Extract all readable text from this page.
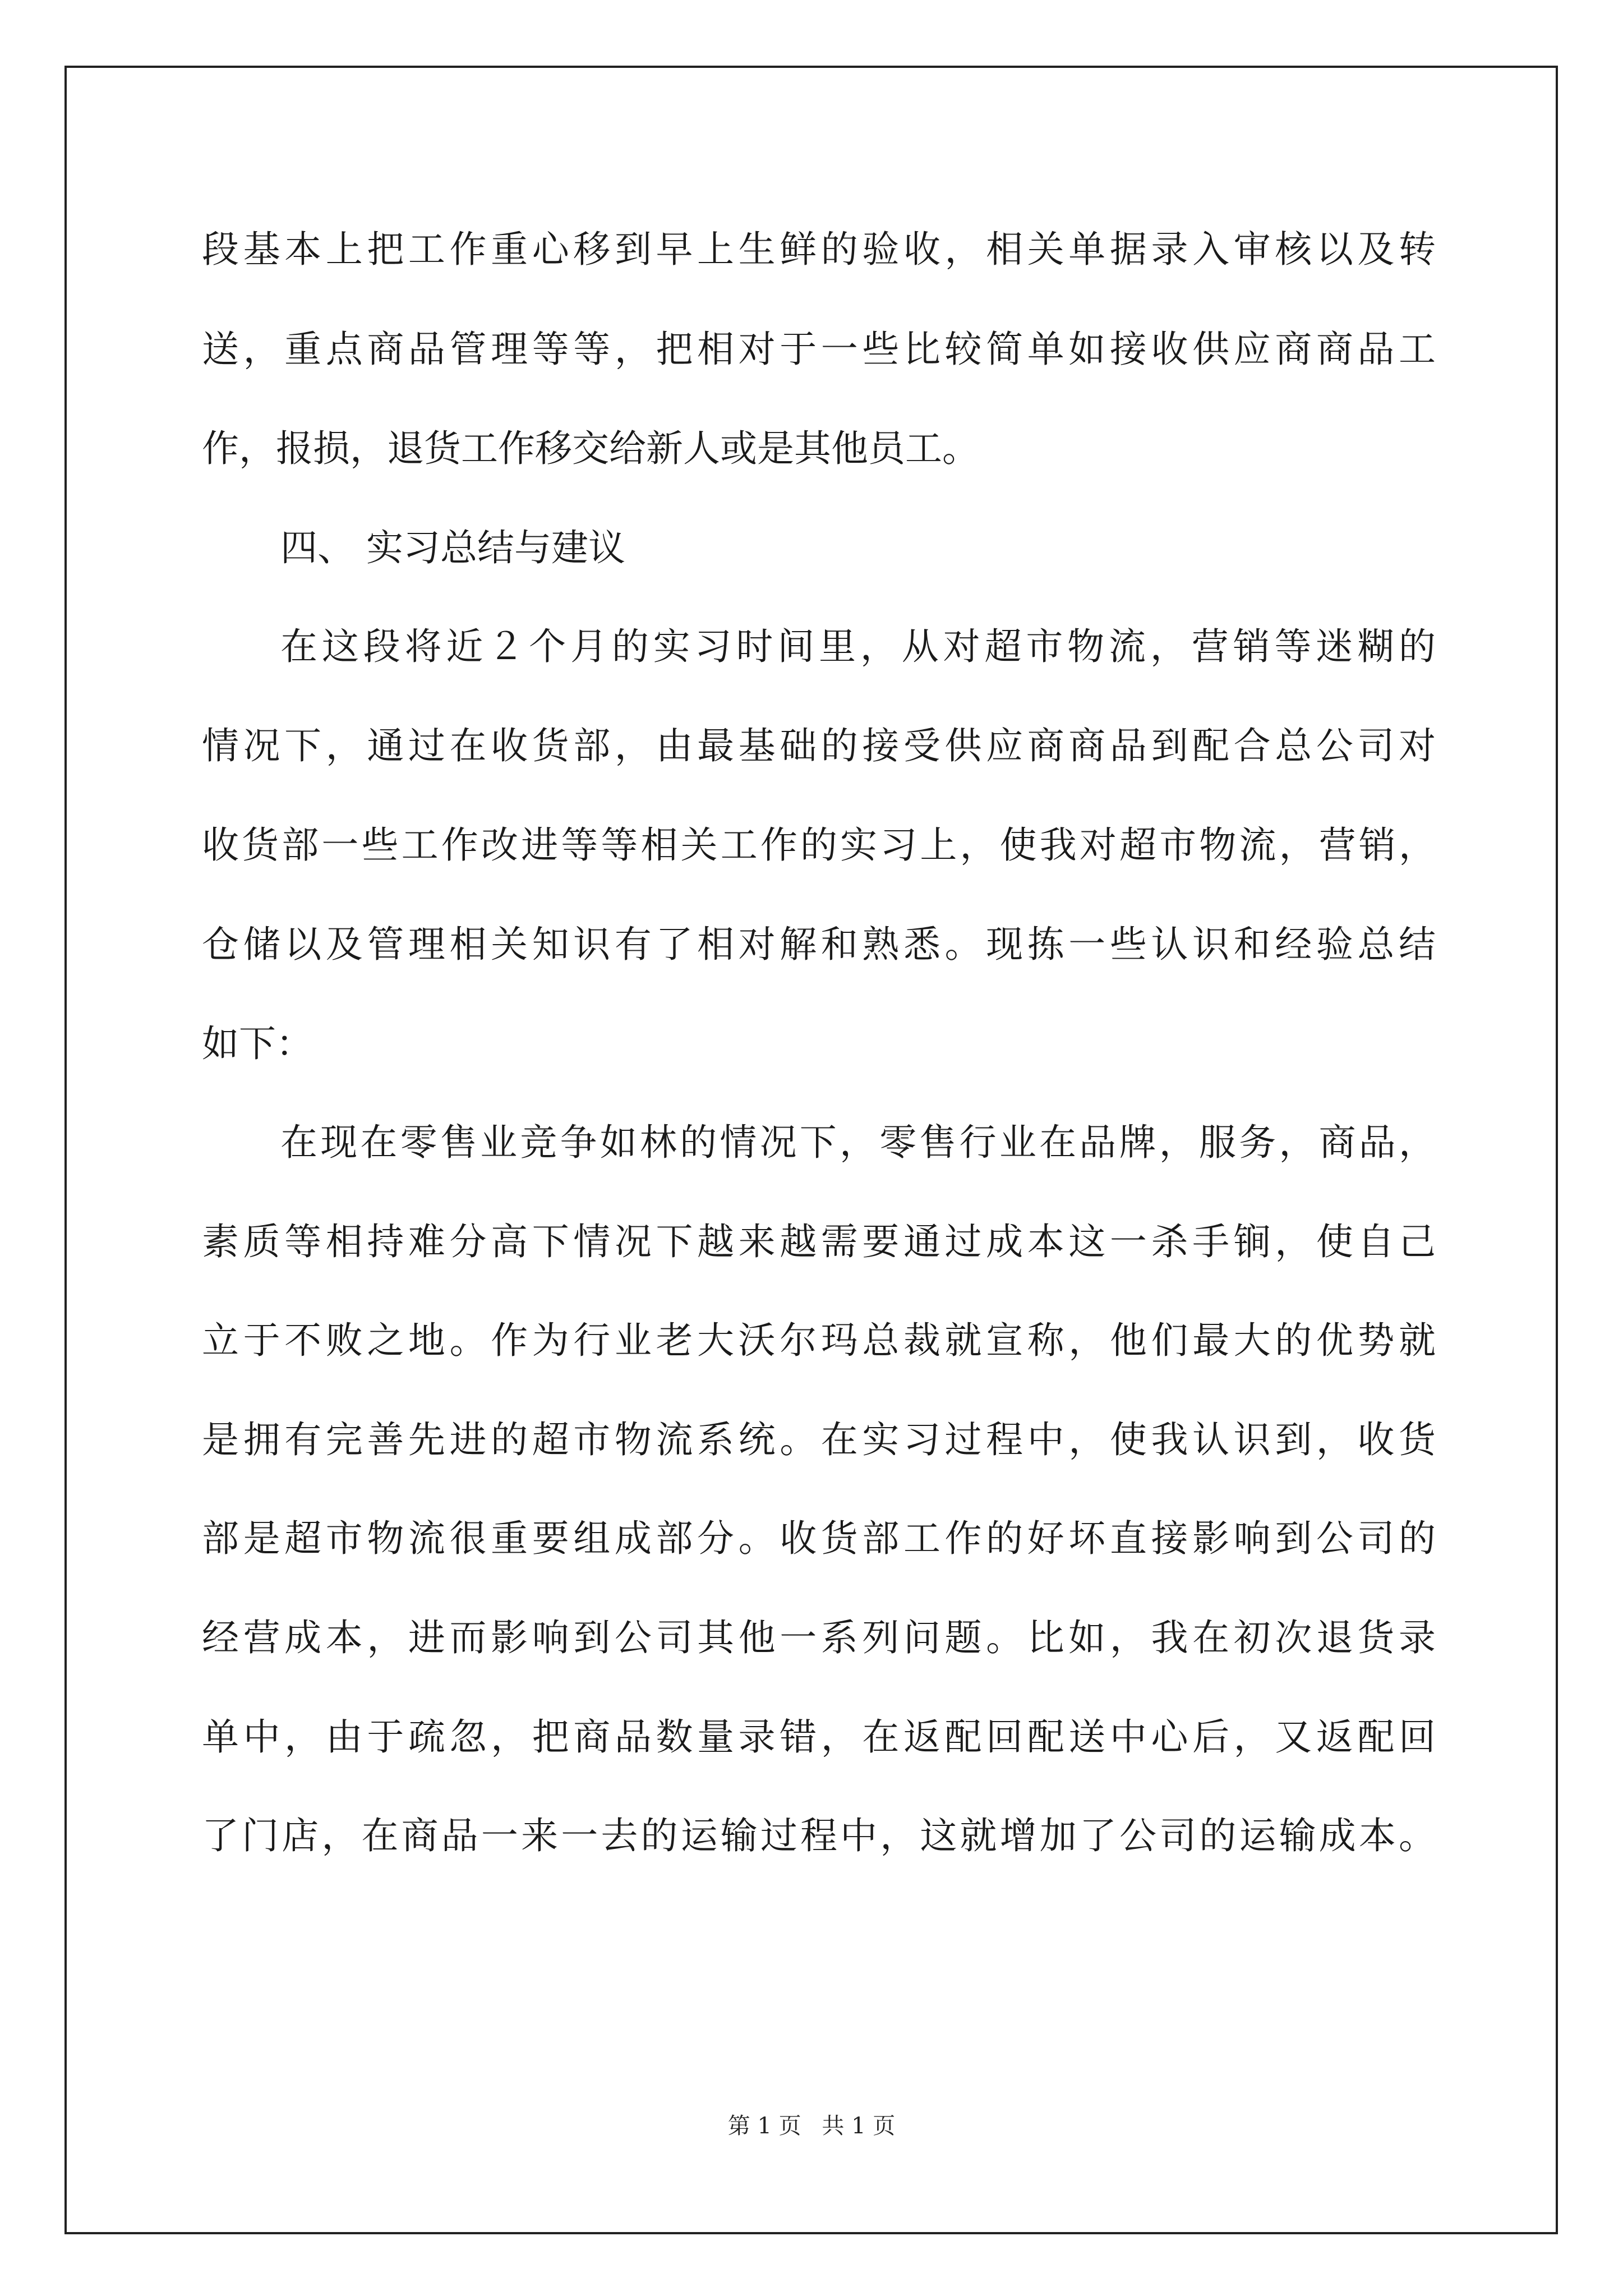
段基本上把工作重心移到早上生鲜的验收，相关单据录入审核以及转
送，重点商品管理等等，把相对于一些比较简单如接收供应商商品工
作，报损，退货工作移交给新人或是其他员工。
四、 实习总结与建议
在这段将近２个月的实习时间里，从对超市物流，营销等迷糊的
情况下，通过在收货部，由最基础的接受供应商商品到配合总公司对
收货部一些工作改进等等相关工作的实习上，使我对超市物流，营销，
仓储以及管理相关知识有了相对解和熟悉。现拣一些认识和经验总结
如下：
在现在零售业竞争如林的情况下，零售行业在品牌，服务，商品，
素质等相持难分高下情况下越来越需要通过成本这一杀手锏，使自己
立于不败之地。作为行业老大沃尔玛总裁就宣称，他们最大的优势就
是拥有完善先进的超市物流系统。在实习过程中，使我认识到，收货
部是超市物流很重要组成部分。收货部工作的好坏直接影响到公司的
经营成本，进而影响到公司其他一系列问题。比如，我在初次退货录
单中，由于疏忽，把商品数量录错，在返配回配送中心后，又返配回
了门店，在商品一来一去的运输过程中，这就增加了公司的运输成本。
第 1 页 共 1 页
